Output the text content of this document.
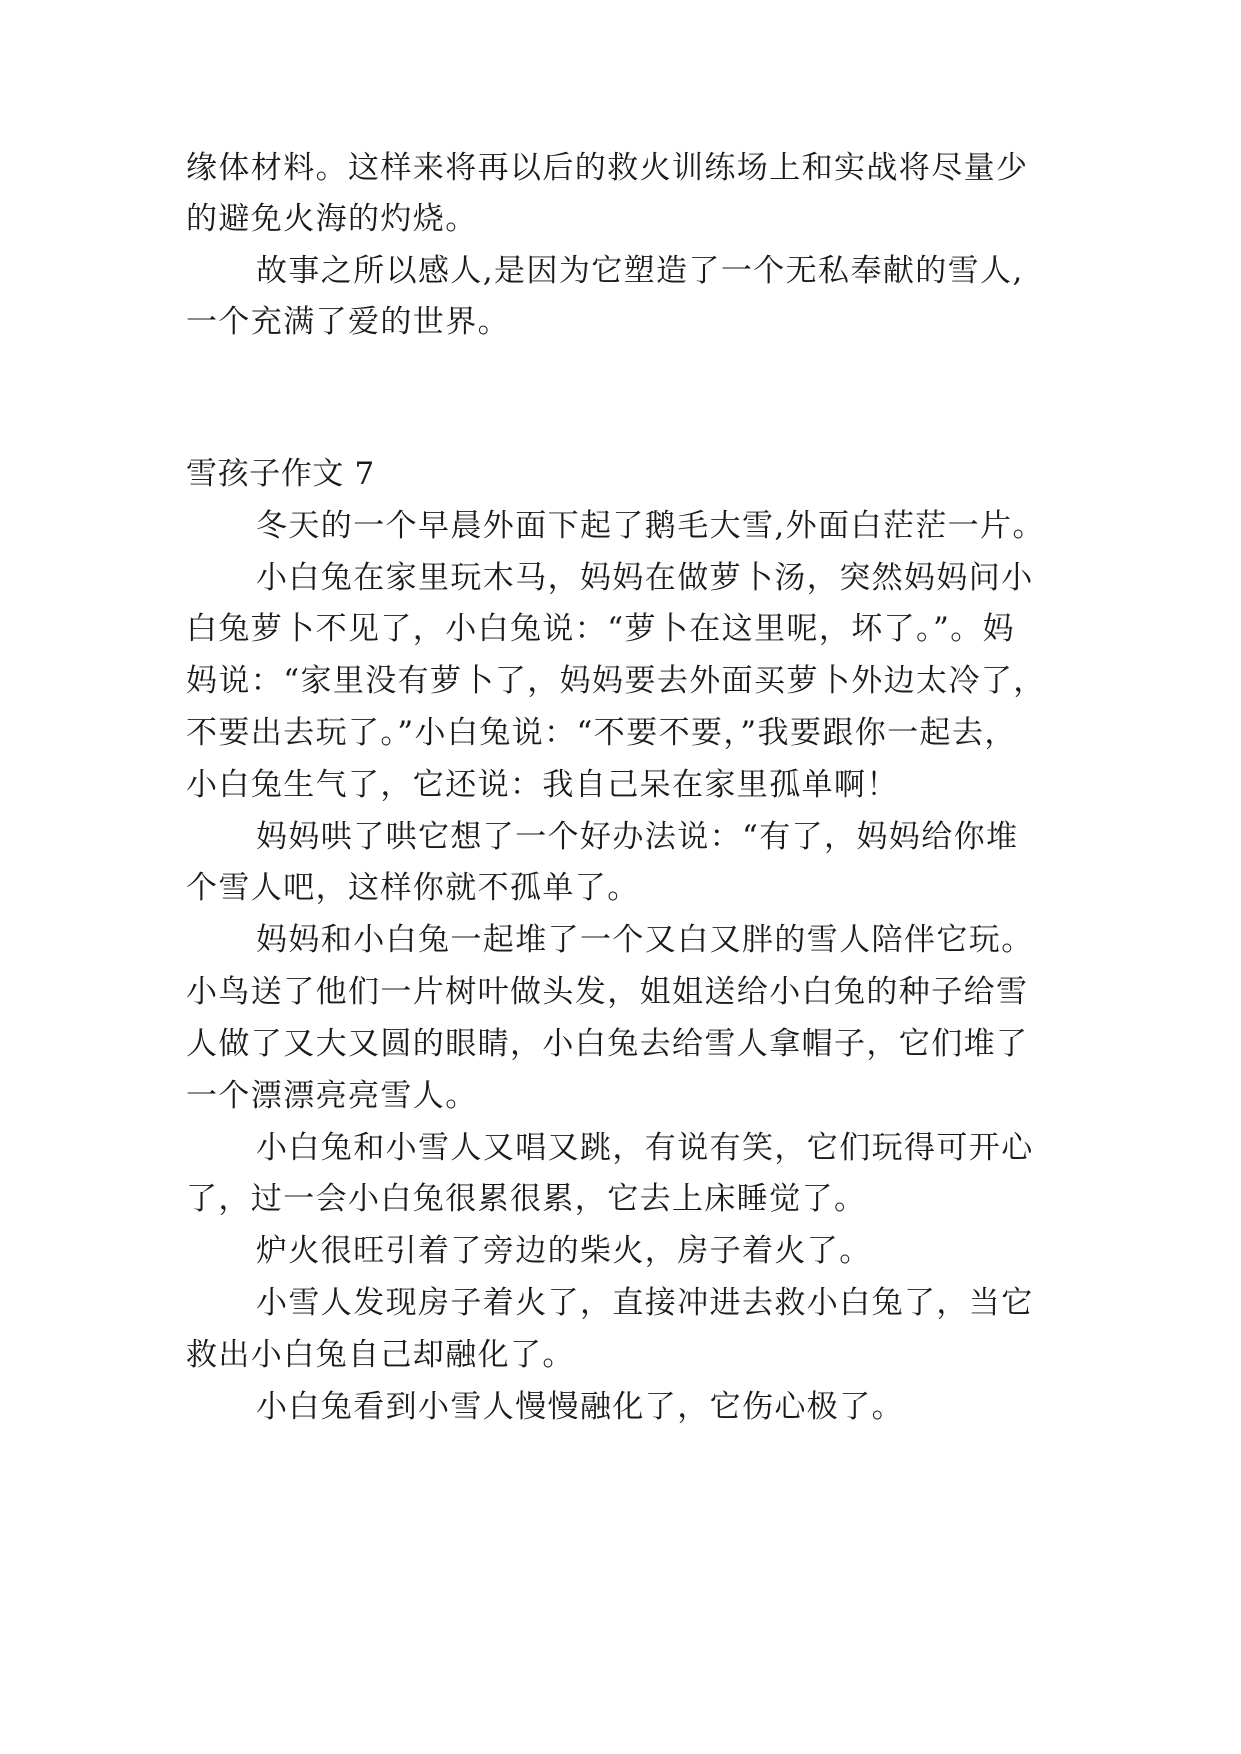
缘体材料。这样来将再以后的救火训练场上和实战将尽量少
的避免火海的灼烧。
故事之所以感人,是因为它塑造了一个无私奉献的雪人,
一个充满了爱的世界。
雪孩子作文 7
冬天的一个早晨外面下起了鹅毛大雪,外面白茫茫一片。
小白兔在家里玩木马，妈妈在做萝卜汤，突然妈妈问小
白兔萝卜不见了，小白兔说：“萝卜在这里呢，坏了。”。妈
妈说：“家里没有萝卜了，妈妈要去外面买萝卜外边太冷了，
不要出去玩了。”小白兔说：“不要不要，”我要跟你一起去，
小白兔生气了，它还说：我自己呆在家里孤单啊！
妈妈哄了哄它想了一个好办法说：“有了，妈妈给你堆
个雪人吧，这样你就不孤单了。
妈妈和小白兔一起堆了一个又白又胖的雪人陪伴它玩。
小鸟送了他们一片树叶做头发，姐姐送给小白兔的种子给雪
人做了又大又圆的眼睛，小白兔去给雪人拿帽子，它们堆了
一个漂漂亮亮雪人。
小白兔和小雪人又唱又跳，有说有笑，它们玩得可开心
了，过一会小白兔很累很累，它去上床睡觉了。
炉火很旺引着了旁边的柴火，房子着火了。
小雪人发现房子着火了，直接冲进去救小白兔了，当它
救出小白兔自己却融化了。
小白兔看到小雪人慢慢融化了，它伤心极了。
